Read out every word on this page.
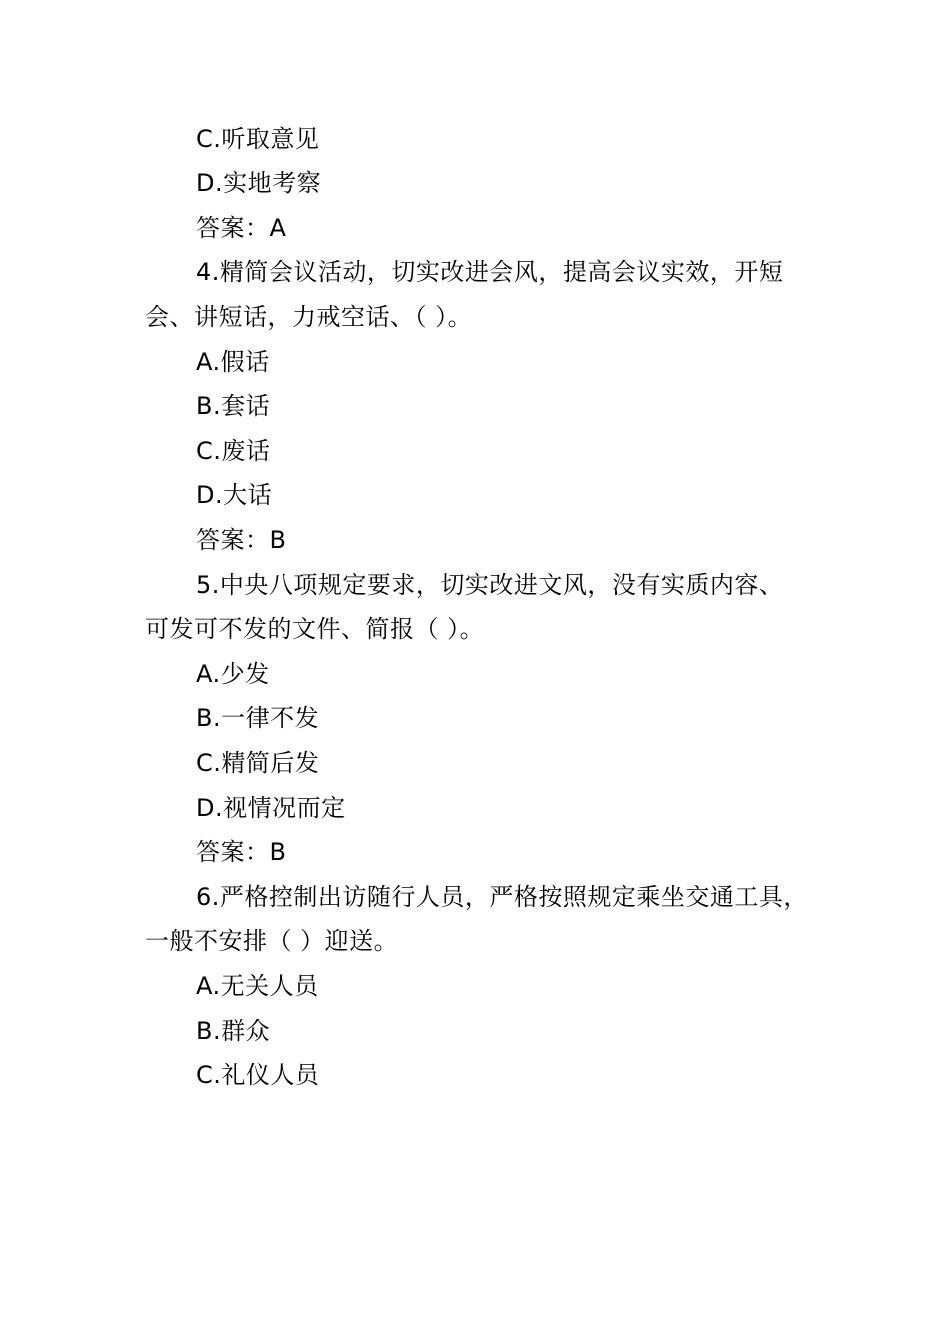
C.听取意见
D.实地考察
答案：A
4.精简会议活动，切实改进会风，提高会议实效，开短
会、讲短话，力戒空话、（ ）。
A.假话
B.套话
C.废话
D.大话
答案：B
5.中央八项规定要求，切实改进文风，没有实质内容、
可发可不发的文件、简报（ ）。
A.少发
B.一律不发
C.精简后发
D.视情况而定
答案：B
6.严格控制出访随行人员，严格按照规定乘坐交通工具，
一般不安排（ ）迎送。
A.无关人员
B.群众
C.礼仪人员
